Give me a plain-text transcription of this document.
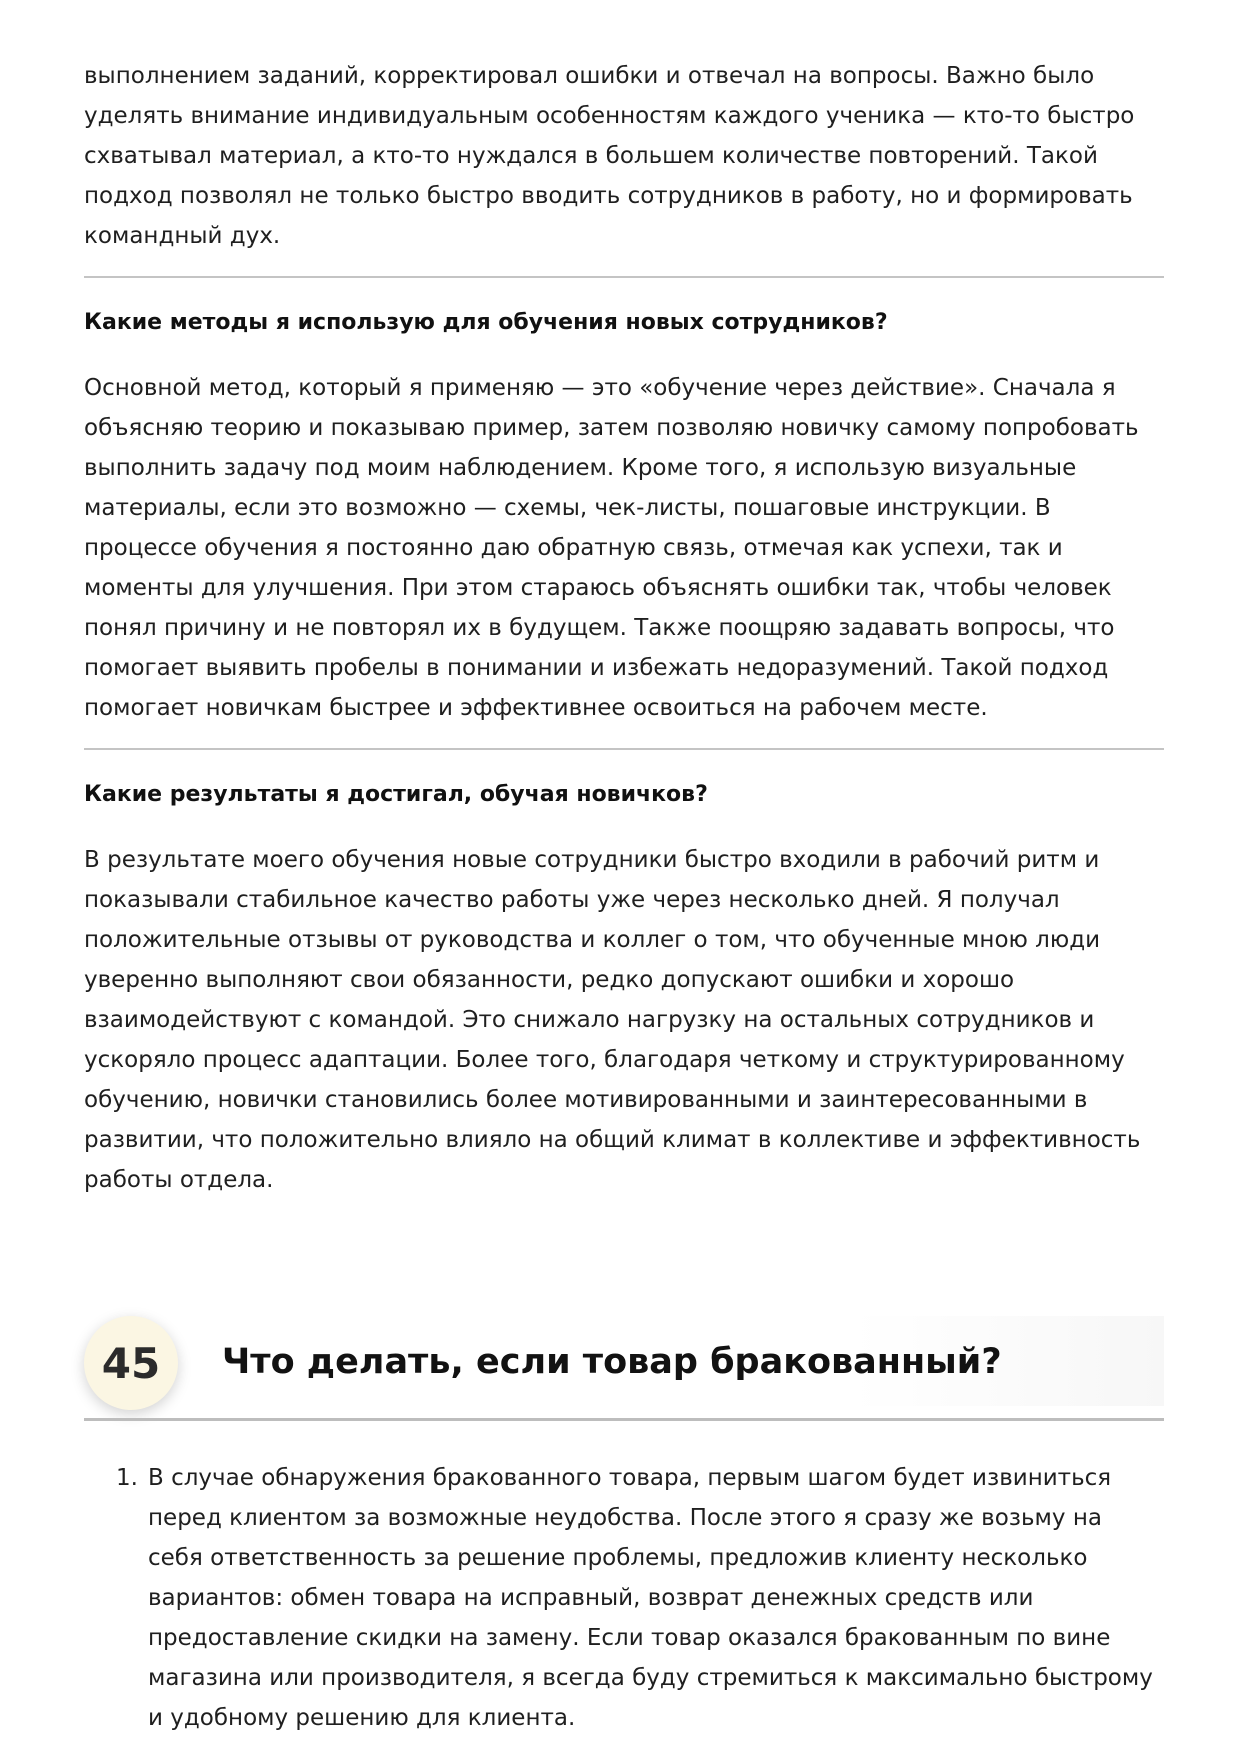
выполнением заданий, корректировал ошибки и отвечал на вопросы. Важно было уделять внимание индивидуальным особенностям каждого ученика — кто-то быстро схватывал материал, а кто-то нуждался в большем количестве повторений. Такой подход позволял не только быстро вводить сотрудников в работу, но и формировать командный дух.

Какие методы я использую для обучения новых сотрудников?

Основной метод, который я применяю — это «обучение через действие». Сначала я объясняю теорию и показываю пример, затем позволяю новичку самому попробовать выполнить задачу под моим наблюдением. Кроме того, я использую визуальные материалы, если это возможно — схемы, чек-листы, пошаговые инструкции. В процессе обучения я постоянно даю обратную связь, отмечая как успехи, так и моменты для улучшения. При этом стараюсь объяснять ошибки так, чтобы человек понял причину и не повторял их в будущем. Также поощряю задавать вопросы, что помогает выявить пробелы в понимании и избежать недоразумений. Такой подход помогает новичкам быстрее и эффективнее освоиться на рабочем месте.

Какие результаты я достигал, обучая новичков?

В результате моего обучения новые сотрудники быстро входили в рабочий ритм и показывали стабильное качество работы уже через несколько дней. Я получал положительные отзывы от руководства и коллег о том, что обученные мною люди уверенно выполняют свои обязанности, редко допускают ошибки и хорошо взаимодействуют с командой. Это снижало нагрузку на остальных сотрудников и ускоряло процесс адаптации. Более того, благодаря четкому и структурированному обучению, новички становились более мотивированными и заинтересованными в развитии, что положительно влияло на общий климат в коллективе и эффективность работы отдела.

45	Что делать, если товар бракованный?
1. В случае обнаружения бракованного товара, первым шагом будет извиниться перед клиентом за возможные неудобства. После этого я сразу же возьму на себя ответственность за решение проблемы, предложив клиенту несколько вариантов: обмен товара на исправный, возврат денежных средств или предоставление скидки на замену. Если товар оказался бракованным по вине магазина или производителя, я всегда буду стремиться к максимально быстрому и удобному решению для клиента.
